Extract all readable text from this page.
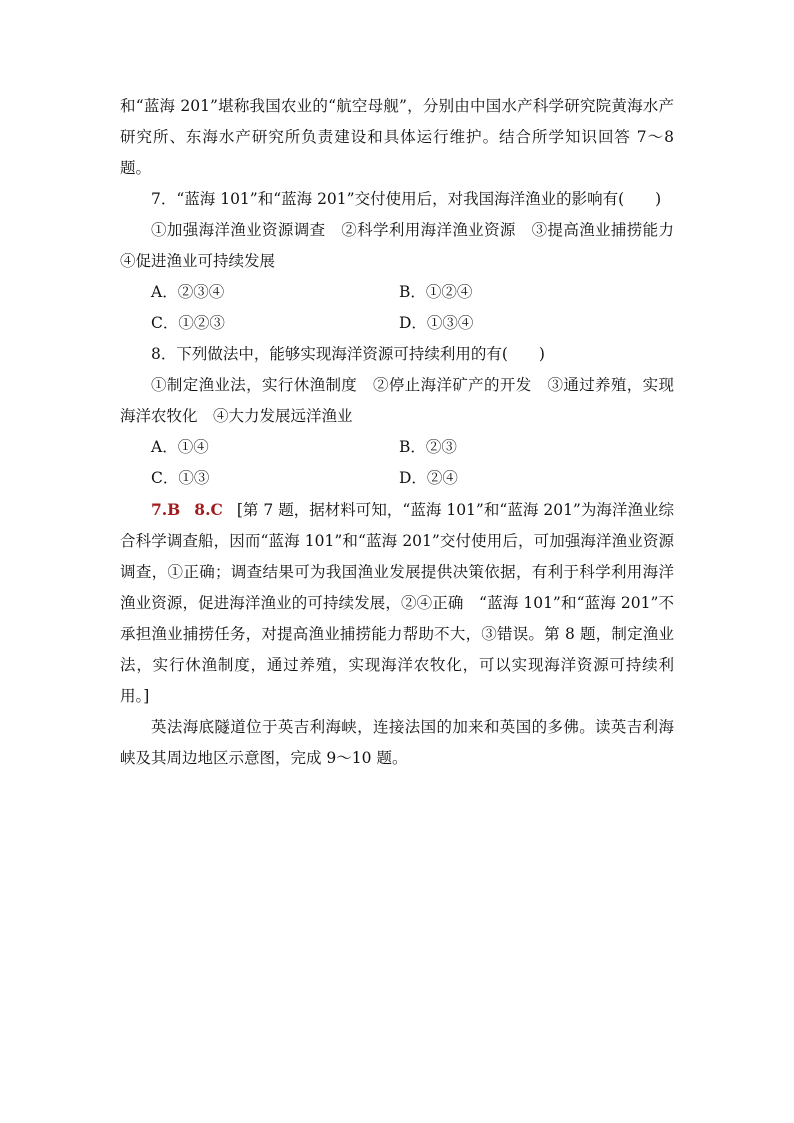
和“蓝海 201”堪称我国农业的“航空母舰”，分别由中国水产科学研究院黄海水产研究所、东海水产研究所负责建设和具体运行维护。结合所学知识回答 7～8 题。

7．“蓝海 101”和“蓝海 201”交付使用后，对我国海洋渔业的影响有(　　)

①加强海洋渔业资源调查　②科学利用海洋渔业资源　③提高渔业捕捞能力　④促进渔业可持续发展

A．②③④	B．①②④
C．①②③	D．①③④

8．下列做法中，能够实现海洋资源可持续利用的有(　　)

①制定渔业法，实行休渔制度　②停止海洋矿产的开发　③通过养殖，实现海洋农牧化　④大力发展远洋渔业

A．①④	B．②③
C．①③	D．②④

7.B 8.C [第 7 题，据材料可知，“蓝海 101”和“蓝海 201”为海洋渔业综合科学调查船，因而“蓝海 101”和“蓝海 201”交付使用后，可加强海洋渔业资源调查，①正确；调查结果可为我国渔业发展提供决策依据，有利于科学利用海洋渔业资源，促进海洋渔业的可持续发展，②④正确　“蓝海 101”和“蓝海 201”不承担渔业捕捞任务，对提高渔业捕捞能力帮助不大，③错误。第 8 题，制定渔业法，实行休渔制度，通过养殖，实现海洋农牧化，可以实现海洋资源可持续利用。]

英法海底隧道位于英吉利海峡，连接法国的加来和英国的多佛。读英吉利海峡及其周边地区示意图，完成 9～10 题。
